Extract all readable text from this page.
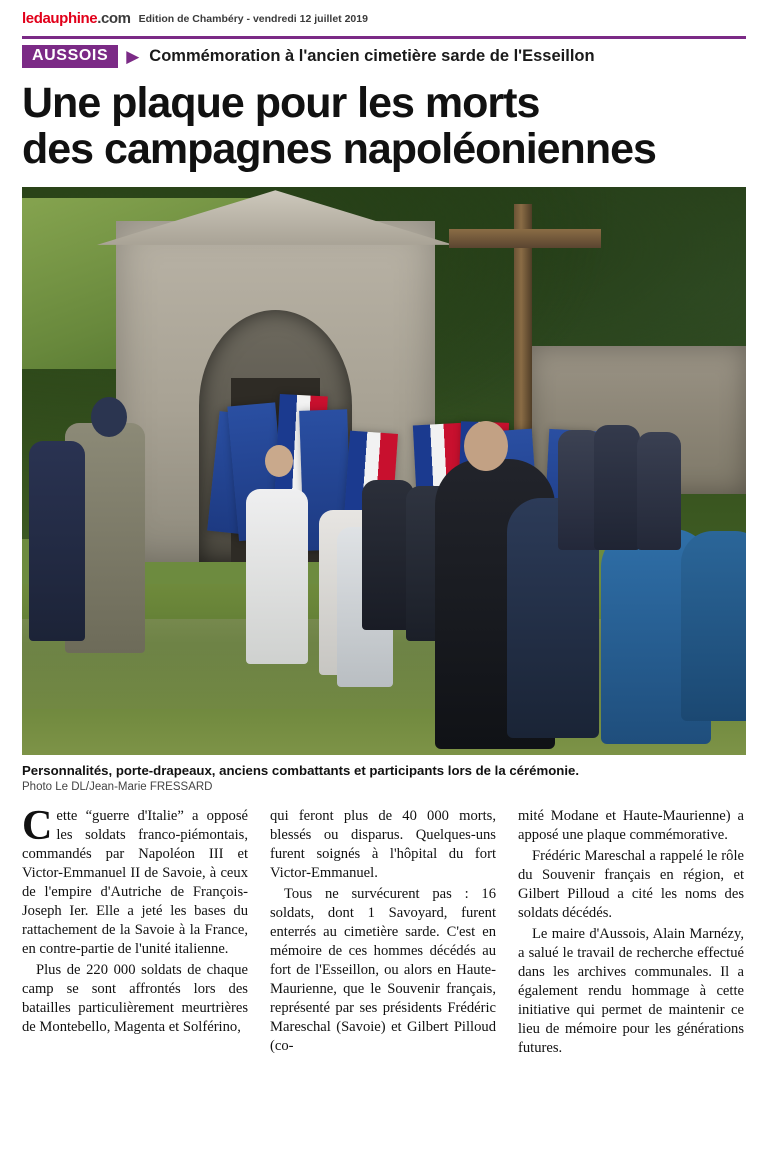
ledauphine.com Edition de Chambéry - vendredi 12 juillet 2019
AUSSOIS	▶ Commémoration à l'ancien cimetière sarde de l'Esseillon
Une plaque pour les morts
des campagnes napoléoniennes
Personnalités, porte-drapeaux, anciens combattants et participants lors de la cérémonie.
Photo Le DL/Jean-Marie FRESSARD

Cette “guerre d'Italie” a opposé les soldats franco-piémontais, commandés par Napoléon III et Victor-Emmanuel II de Savoie, à ceux de l'empire d'Autriche de François-Joseph Ier. Elle a jeté les bases du rattachement de la Savoie à la France, en contre-partie de l'unité italienne.

Plus de 220 000 soldats de chaque camp se sont affrontés lors des batailles particulièrement meurtrières de Montebello, Magenta et Solférino,

qui feront plus de 40 000 morts, blessés ou disparus. Quelques-uns furent soignés à l'hôpital du fort Victor-Emmanuel.

Tous ne survécurent pas : 16 soldats, dont 1 Savoyard, furent enterrés au cimetière sarde. C'est en mémoire de ces hommes décédés au fort de l'Esseillon, ou alors en Haute-Maurienne, que le Souvenir français, représenté par ses présidents Frédéric Mareschal (Savoie) et Gilbert Pilloud (co-

mité Modane et Haute-Maurienne) a apposé une plaque commémorative.

Frédéric Mareschal a rappelé le rôle du Souvenir français en région, et Gilbert Pilloud a cité les noms des soldats décédés.

Le maire d'Aussois, Alain Marnézy, a salué le travail de recherche effectué dans les archives communales. Il a également rendu hommage à cette initiative qui permet de maintenir ce lieu de mémoire pour les générations futures.
